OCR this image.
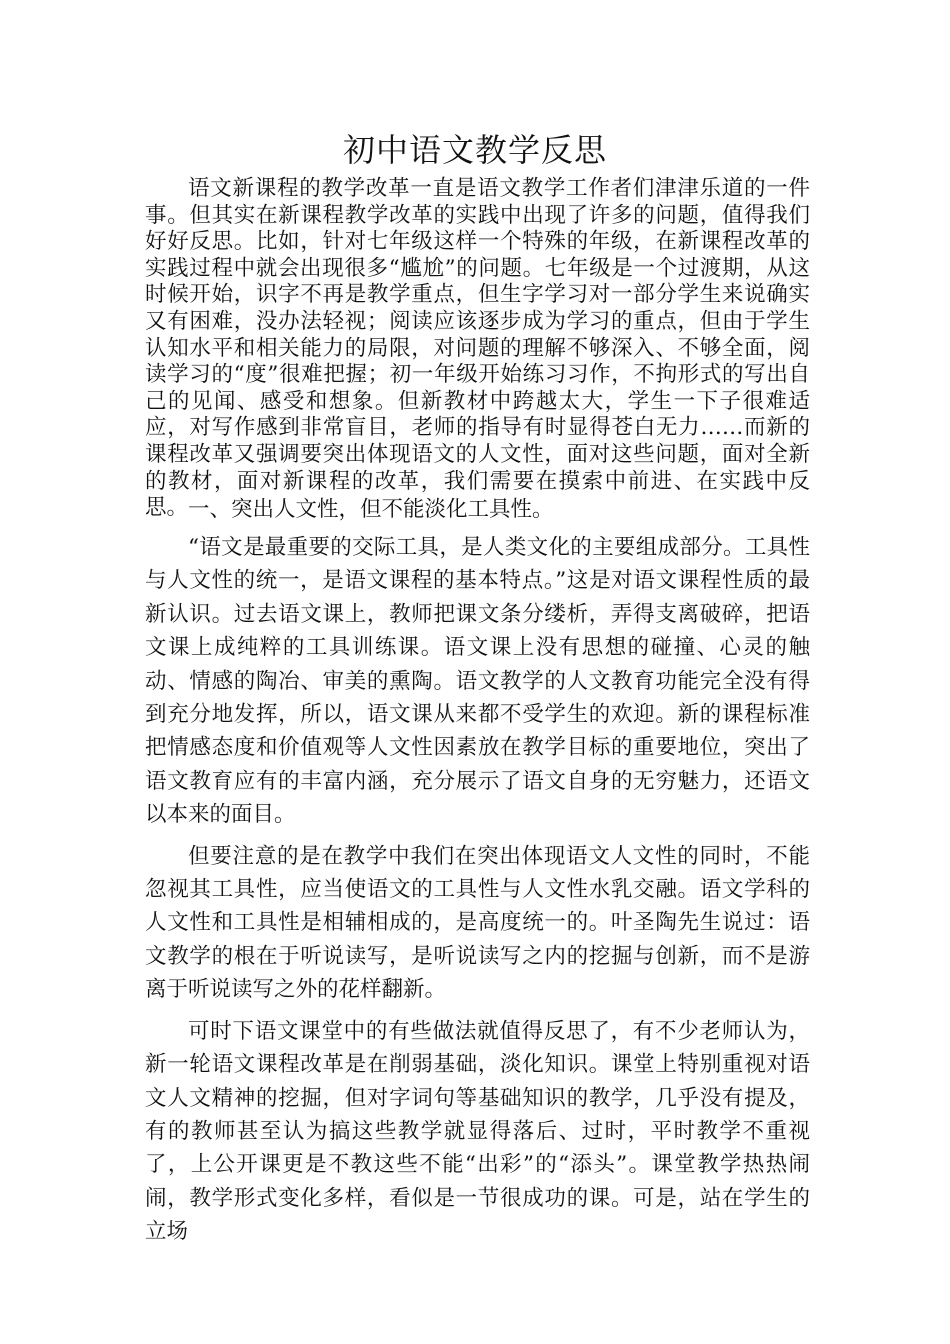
初中语文教学反思

语文新课程的教学改革一直是语文教学工作者们津津乐道的一件事。但其实在新课程教学改革的实践中出现了许多的问题，值得我们好好反思。比如，针对七年级这样一个特殊的年级，在新课程改革的实践过程中就会出现很多“尴尬”的问题。七年级是一个过渡期，从这时候开始，识字不再是教学重点，但生字学习对一部分学生来说确实又有困难，没办法轻视；阅读应该逐步成为学习的重点，但由于学生认知水平和相关能力的局限，对问题的理解不够深入、不够全面，阅读学习的“度”很难把握；初一年级开始练习习作，不拘形式的写出自己的见闻、感受和想象。但新教材中跨越太大，学生一下子很难适应，对写作感到非常盲目，老师的指导有时显得苍白无力……而新的课程改革又强调要突出体现语文的人文性，面对这些问题，面对全新的教材，面对新课程的改革，我们需要在摸索中前进、在实践中反思。 一、突出人文性，但不能淡化工具性。

“语文是最重要的交际工具，是人类文化的主要组成部分。工具性与人文性的统一，是语文课程的基本特点。”这是对语文课程性质的最新认识。过去语文课上，教师把课文条分缕析，弄得支离破碎，把语文课上成纯粹的工具训练课。语文课上没有思想的碰撞、心灵的触动、情感的陶冶、审美的熏陶。语文教学的人文教育功能完全没有得到充分地发挥，所以，语文课从来都不受学生的欢迎。新的课程标准把情感态度和价值观等人文性因素放在教学目标的重要地位，突出了语文教育应有的丰富内涵，充分展示了语文自身的无穷魅力，还语文以本来的面目。

但要注意的是在教学中我们在突出体现语文人文性的同时，不能忽视其工具性，应当使语文的工具性与人文性水乳交融。语文学科的人文性和工具性是相辅相成的，是高度统一的。叶圣陶先生说过：语文教学的根在于听说读写，是听说读写之内的挖掘与创新，而不是游离于听说读写之外的花样翻新。

可时下语文课堂中的有些做法就值得反思了，有不少老师认为，新一轮语文课程改革是在削弱基础，淡化知识。课堂上特别重视对语文人文精神的挖掘，但对字词句等基础知识的教学，几乎没有提及，有的教师甚至认为搞这些教学就显得落后、过时，平时教学不重视了，上公开课更是不教这些不能“出彩”的“添头”。课堂教学热热闹闹，教学形式变化多样，看似是一节很成功的课。可是，站在学生的立场
